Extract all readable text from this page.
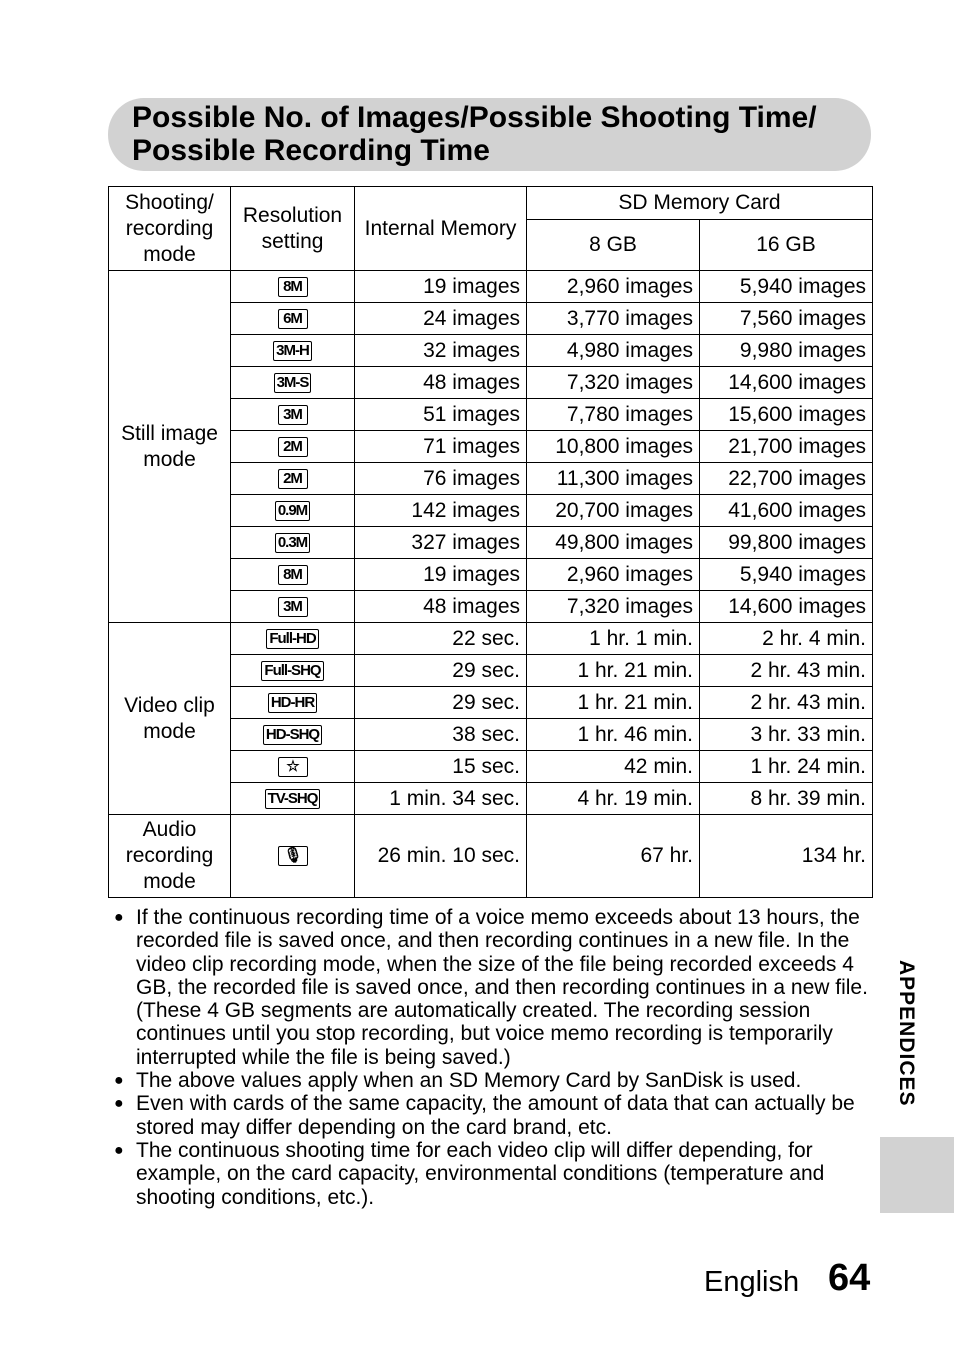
Possible No. of Images/Possible Shooting Time/
Possible Recording Time
Shooting/ recording mode	Resolution setting	Internal Memory	SD Memory Card	
			8 GB	16 GB
Still image mode	8M	19 images	2,960 images	5,940 images
	6M	24 images	3,770 images	7,560 images
	3M-H	32 images	4,980 images	9,980 images
	3M-S	48 images	7,320 images	14,600 images
	3M	51 images	7,780 images	15,600 images
	2M	71 images	10,800 images	21,700 images
	2M	76 images	11,300 images	22,700 images
	0.9M	142 images	20,700 images	41,600 images
	0.3M	327 images	49,800 images	99,800 images
	8M	19 images	2,960 images	5,940 images
	3M	48 images	7,320 images	14,600 images
Video clip mode	Full-HD	22 sec.	1 hr. 1 min.	2 hr. 4 min.
	Full-SHQ	29 sec.	1 hr. 21 min.	2 hr. 43 min.
	HD-HR	29 sec.	1 hr. 21 min.	2 hr. 43 min.
	HD-SHQ	38 sec.	1 hr. 46 min.	3 hr. 33 min.
	☆	15 sec.	42 min.	1 hr. 24 min.
	TV-SHQ	1 min. 34 sec.	4 hr. 19 min.	8 hr. 39 min.
Audio recording mode	🎙	26 min. 10 sec.	67 hr.	134 hr.
● If the continuous recording time of a voice memo exceeds about 13 hours, the recorded file is saved once, and then recording continues in a new file. In the video clip recording mode, when the size of the file being recorded exceeds 4 GB, the recorded file is saved once, and then recording continues in a new file. (These 4 GB segments are automatically created. The recording session continues until you stop recording, but voice memo recording is temporarily interrupted while the file is being saved.)
● The above values apply when an SD Memory Card by SanDisk is used.
● Even with cards of the same capacity, the amount of data that can actually be stored may differ depending on the card brand, etc.
● The continuous shooting time for each video clip will differ depending, for example, on the card capacity, environmental conditions (temperature and shooting conditions, etc.).
APPENDICES
English 64
